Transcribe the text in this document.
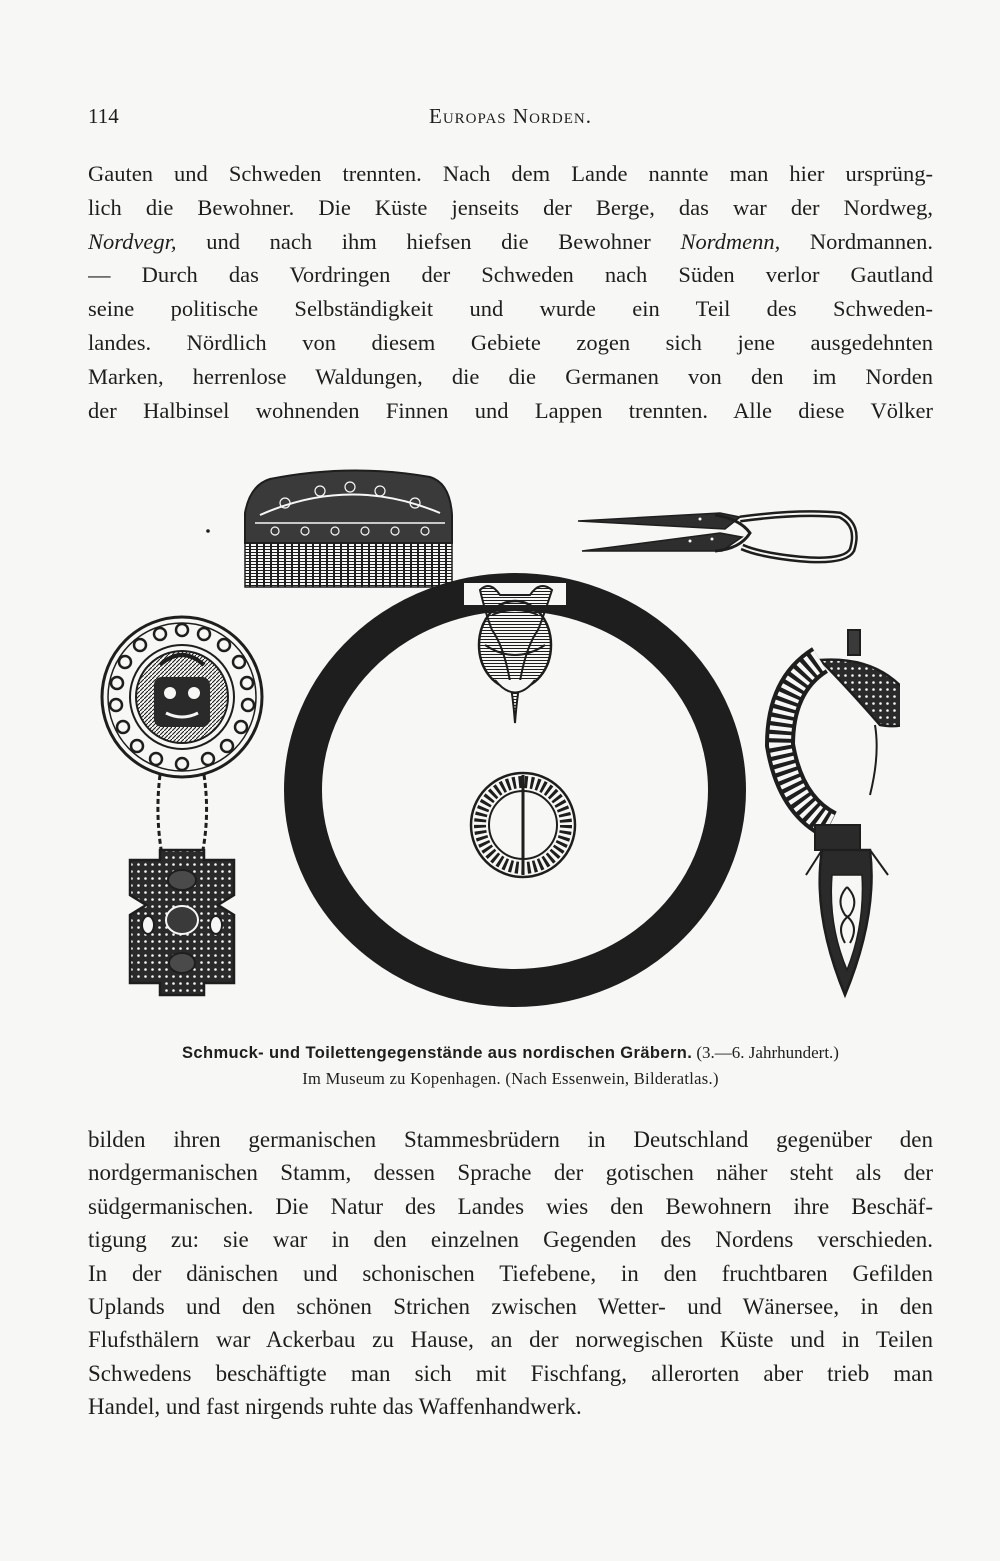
114	Europas Norden.
Gauten und Schweden trennten. Nach dem Lande nannte man hier ursprüng-
lich die Bewohner. Die Küste jenseits der Berge, das war der Nordweg,
Nordvegr, und nach ihm hiefsen die Bewohner Nordmenn, Nordmannen.
— Durch das Vordringen der Schweden nach Süden verlor Gautland
seine politische Selbständigkeit und wurde ein Teil des Schweden-
landes. Nördlich von diesem Gebiete zogen sich jene ausgedehnten
Marken, herrenlose Waldungen, die die Germanen von den im Norden
der Halbinsel wohnenden Finnen und Lappen trennten. Alle diese Völker
Schmuck- und Toilettengegenstände aus nordischen Gräbern. (3.—6. Jahrhundert.)
Im Museum zu Kopenhagen. (Nach Essenwein, Bilderatlas.)
bilden ihren germanischen Stammesbrüdern in Deutschland gegenüber den
nordgermanischen Stamm, dessen Sprache der gotischen näher steht als der
südgermanischen. Die Natur des Landes wies den Bewohnern ihre Beschäf-
tigung zu: sie war in den einzelnen Gegenden des Nordens verschieden.
In der dänischen und schonischen Tiefebene, in den fruchtbaren Gefilden
Uplands und den schönen Strichen zwischen Wetter- und Wänersee, in den
Flufsthälern war Ackerbau zu Hause, an der norwegischen Küste und in Teilen
Schwedens beschäftigte man sich mit Fischfang, allerorten aber trieb man
Handel, und fast nirgends ruhte das Waffenhandwerk.
